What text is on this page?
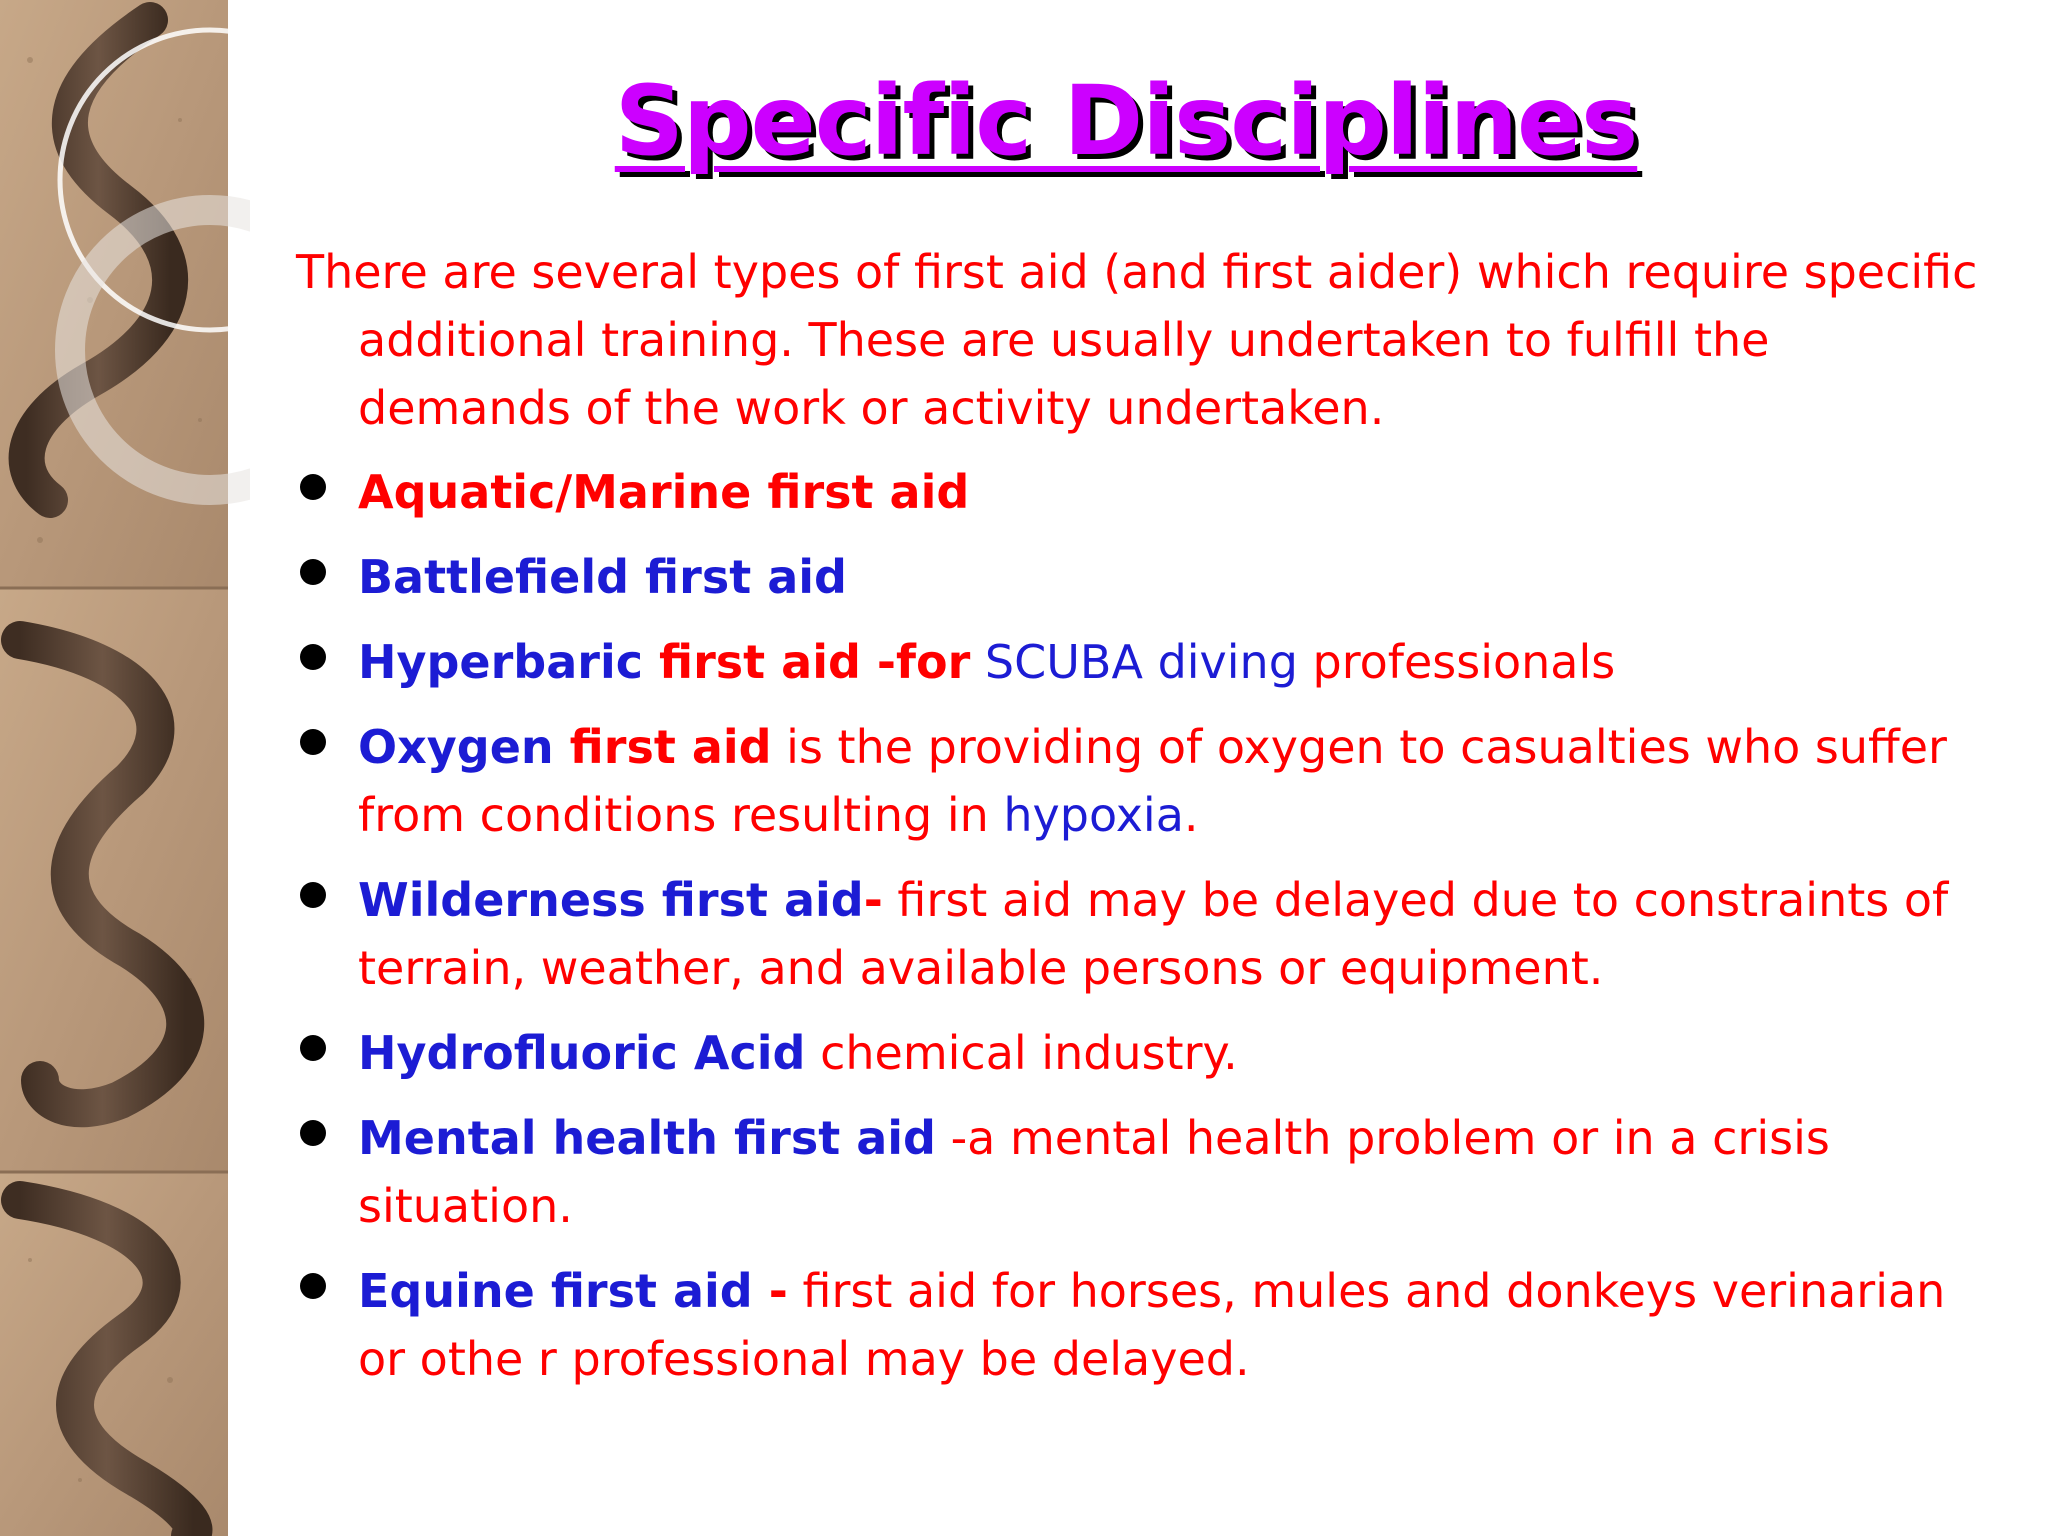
Specific Disciplines

There are several types of first aid (and first aider) which require specific additional training. These are usually undertaken to fulfill the demands of the work or activity undertaken.

Aquatic/Marine first aid
Battlefield first aid
Hyperbaric first aid -for SCUBA diving professionals
Oxygen first aid is the providing of oxygen to casualties who suffer from conditions resulting in hypoxia.
Wilderness first aid- first aid may be delayed due to constraints of terrain, weather, and available persons or equipment.
Hydrofluoric Acid chemical industry.
Mental health first aid -a mental health problem or in a crisis situation.
Equine first aid - first aid for horses, mules and donkeys verinarian or othe r professional may be delayed.
